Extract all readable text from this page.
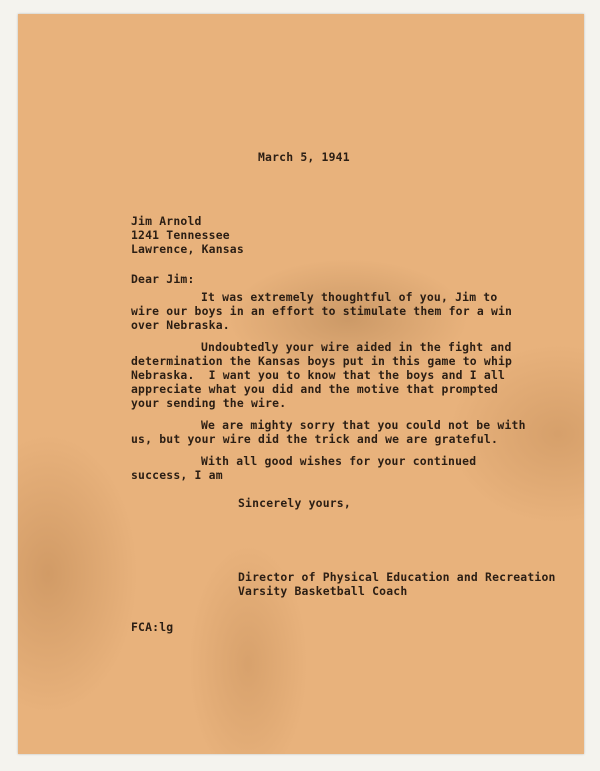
March 5, 1941
Jim Arnold
1241 Tennessee
Lawrence, Kansas
Dear Jim:
It was extremely thoughtful of you, Jim to
wire our boys in an effort to stimulate them for a win
over Nebraska.
Undoubtedly your wire aided in the fight and
determination the Kansas boys put in this game to whip
Nebraska.  I want you to know that the boys and I all
appreciate what you did and the motive that prompted
your sending the wire.
We are mighty sorry that you could not be with
us, but your wire did the trick and we are grateful.
With all good wishes for your continued
success, I am
Sincerely yours,
Director of Physical Education and Recreation
Varsity Basketball Coach
FCA:lg
